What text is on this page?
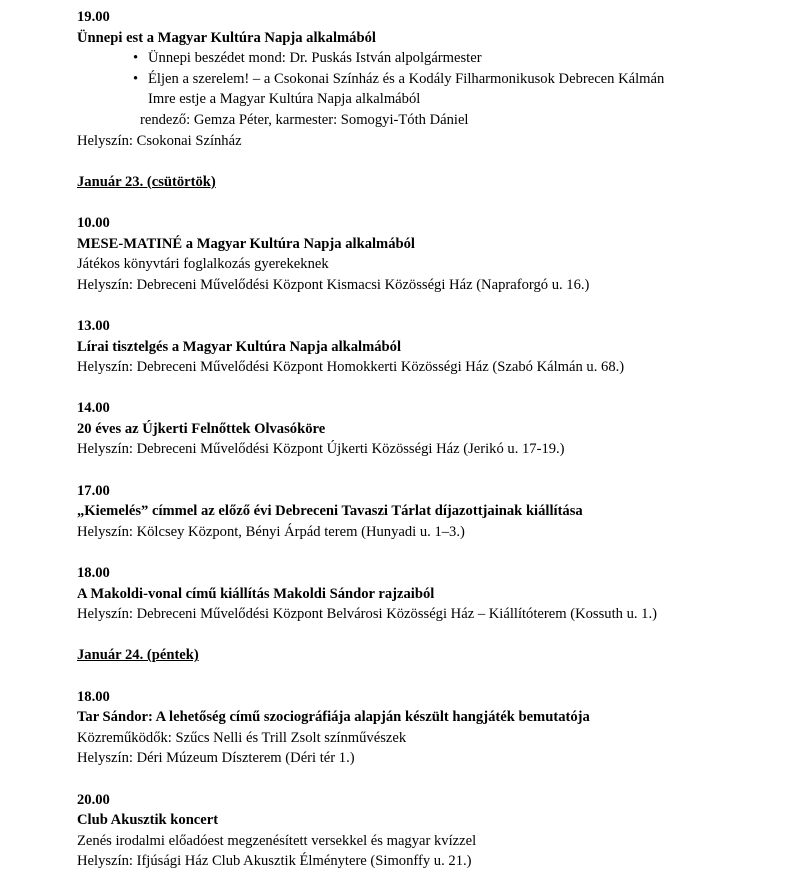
19.00
Ünnepi est a Magyar Kultúra Napja alkalmából
• Ünnepi beszédet mond: Dr. Puskás István alpolgármester
• Éljen a szerelem! – a Csokonai Színház és a Kodály Filharmonikusok Debrecen Kálmán
Imre estje a Magyar Kultúra Napja alkalmából
rendező: Gemza Péter, karmester: Somogyi-Tóth Dániel
Helyszín: Csokonai Színház
Január 23. (csütörtök)
10.00
MESE-MATINÉ a Magyar Kultúra Napja alkalmából
Játékos könyvtári foglalkozás gyerekeknek
Helyszín: Debreceni Művelődési Központ Kismacsi Közösségi Ház (Napraforgó u. 16.)
13.00
Lírai tisztelgés a Magyar Kultúra Napja alkalmából
Helyszín: Debreceni Művelődési Központ Homokkerti Közösségi Ház (Szabó Kálmán u. 68.)
14.00
20 éves az Újkerti Felnőttek Olvasóköre
Helyszín: Debreceni Művelődési Központ Újkerti Közösségi Ház (Jerikó u. 17-19.)
17.00
„Kiemelés” címmel az előző évi Debreceni Tavaszi Tárlat díjazottjainak kiállítása
Helyszín: Kölcsey Központ, Bényi Árpád terem (Hunyadi u. 1–3.)
18.00
A Makoldi-vonal című kiállítás Makoldi Sándor rajzaiból
Helyszín: Debreceni Művelődési Központ Belvárosi Közösségi Ház – Kiállítóterem (Kossuth u. 1.)
Január 24. (péntek)
18.00
Tar Sándor: A lehetőség című szociográfiája alapján készült hangjáték bemutatója
Közreműködők: Szűcs Nelli és Trill Zsolt színművészek
Helyszín: Déri Múzeum Díszterem (Déri tér 1.)
20.00
Club Akusztik koncert
Zenés irodalmi előadóest megzenésített versekkel és magyar kvízzel
Helyszín: Ifjúsági Ház Club Akusztik Élménytere (Simonffy u. 21.)
